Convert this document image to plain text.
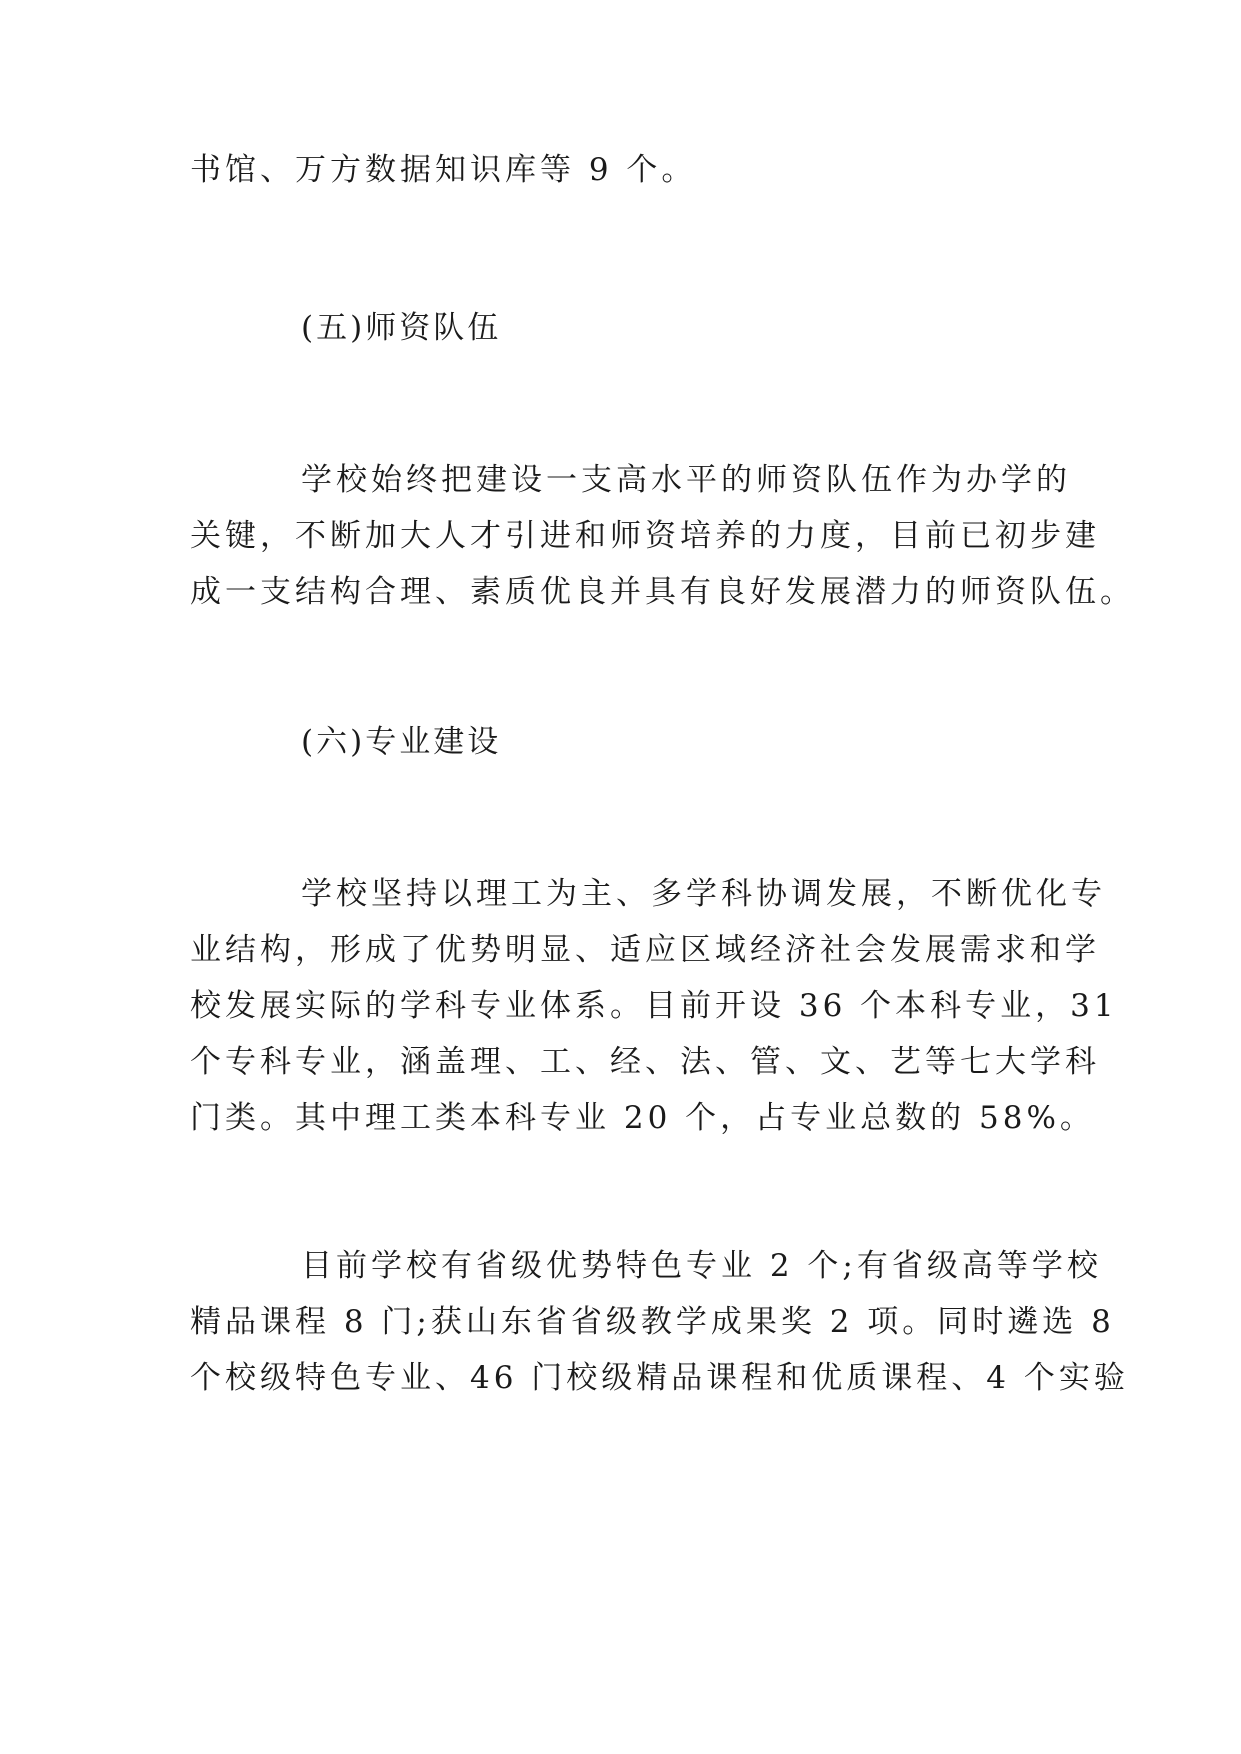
书馆、万方数据知识库等 9 个。
(五)师资队伍
学校始终把建设一支高水平的师资队伍作为办学的
关键，不断加大人才引进和师资培养的力度，目前已初步建
成一支结构合理、素质优良并具有良好发展潜力的师资队伍。
(六)专业建设
学校坚持以理工为主、多学科协调发展，不断优化专
业结构，形成了优势明显、适应区域经济社会发展需求和学
校发展实际的学科专业体系。目前开设 36 个本科专业，31
个专科专业，涵盖理、工、经、法、管、文、艺等七大学科
门类。其中理工类本科专业 20 个，占专业总数的 58%。
目前学校有省级优势特色专业 2 个;有省级高等学校
精品课程 8 门;获山东省省级教学成果奖 2 项。同时遴选 8
个校级特色专业、46 门校级精品课程和优质课程、4 个实验
